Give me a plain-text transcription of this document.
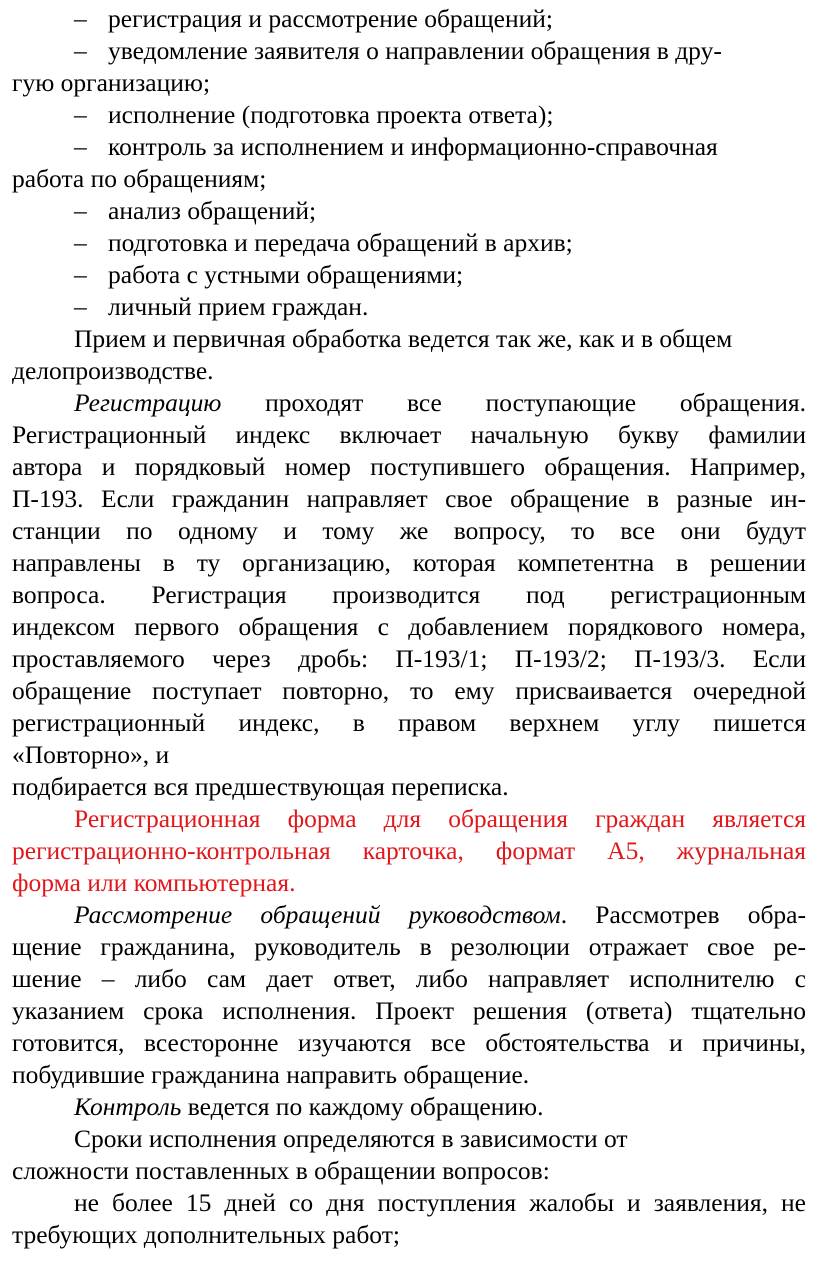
– регистрация и рассмотрение обращений;
– уведомление заявителя о направлении обращения в дру-
гую организацию;
– исполнение (подготовка проекта ответа);
– контроль за исполнением и информационно-справочная
работа по обращениям;
– анализ обращений;
– подготовка и передача обращений в архив;
– работа с устными обращениями;
– личный прием граждан.
Прием и первичная обработка ведется так же, как и в общем
делопроизводстве.
Регистрацию проходят все поступающие обращения.
Регистрационный индекс включает начальную букву фамилии
автора и порядковый номер поступившего обращения. Например,
П-193. Если гражданин направляет свое обращение в разные ин-
станции по одному и тому же вопросу, то все они будут
направлены в ту организацию, которая компетентна в решении
вопроса. Регистрация производится под регистрационным
индексом первого обращения с добавлением порядкового номера,
проставляемого через дробь: П-193/1; П-193/2; П-193/3. Если
обращение поступает повторно, то ему присваивается очередной
регистрационный индекс, в правом верхнем углу пишется
«Повторно», и
подбирается вся предшествующая переписка.
Регистрационная форма для обращения граждан является
регистрационно-контрольная карточка, формат А5, журнальная
форма или компьютерная.
Рассмотрение обращений руководством. Рассмотрев обра-
щение гражданина, руководитель в резолюции отражает свое ре-
шение – либо сам дает ответ, либо направляет исполнителю с
указанием срока исполнения. Проект решения (ответа) тщательно
готовится, всесторонне изучаются все обстоятельства и причины,
побудившие гражданина направить обращение.
Контроль ведется по каждому обращению.
Сроки исполнения определяются в зависимости от
сложности поставленных в обращении вопросов:
не более 15 дней со дня поступления жалобы и заявления, не
требующих дополнительных работ;
